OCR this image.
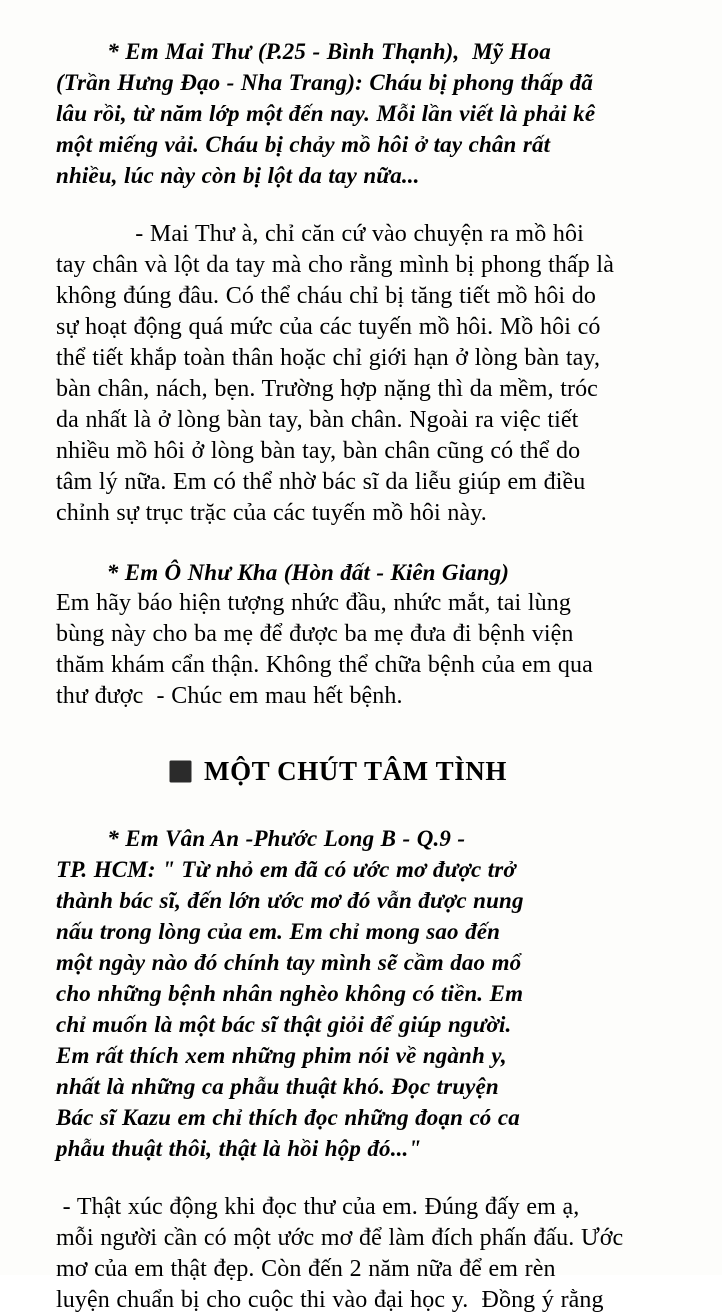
* Em Mai Thư (P.25 - Bình Thạnh),  Mỹ Hoa
(Trần Hưng Đạo - Nha Trang): Cháu bị phong thấp đã
lâu rồi, từ năm lớp một đến nay. Mỗi lần viết là phải kê
một miếng vải. Cháu bị chảy mồ hôi ở tay chân rất
nhiều, lúc này còn bị lột da tay nữa...
- Mai Thư à, chỉ căn cứ vào chuyện ra mồ hôi
tay chân và lột da tay mà cho rằng mình bị phong thấp là
không đúng đâu. Có thể cháu chỉ bị tăng tiết mồ hôi do
sự hoạt động quá mức của các tuyến mồ hôi. Mồ hôi có
thể tiết khắp toàn thân hoặc chỉ giới hạn ở lòng bàn tay,
bàn chân, nách, bẹn. Trường hợp nặng thì da mềm, tróc
da nhất là ở lòng bàn tay, bàn chân. Ngoài ra việc tiết
nhiều mồ hôi ở lòng bàn tay, bàn chân cũng có thể do
tâm lý nữa. Em có thể nhờ bác sĩ da liễu giúp em điều
chỉnh sự trục trặc của các tuyến mồ hôi này.
* Em Ô Như Kha (Hòn đất - Kiên Giang)
Em hãy báo hiện tượng nhức đầu, nhức mắt, tai lùng
bùng này cho ba mẹ để được ba mẹ đưa đi bệnh viện
thăm khám cẩn thận. Không thể chữa bệnh của em qua
thư được  - Chúc em mau hết bệnh.
MỘT CHÚT TÂM TÌNH
* Em Vân An -Phước Long B - Q.9 -
TP. HCM: " Từ nhỏ em đã có ước mơ được trở
thành bác sĩ, đến lớn ước mơ đó vẫn được nung
nấu trong lòng của em. Em chỉ mong sao đến
một ngày nào đó chính tay mình sẽ cầm dao mổ
cho những bệnh nhân nghèo không có tiền. Em
chỉ muốn là một bác sĩ thật giỏi để giúp người.
Em rất thích xem những phim nói về ngành y,
nhất là những ca phẫu thuật khó. Đọc truyện
Bác sĩ Kazu em chỉ thích đọc những đoạn có ca
phẫu thuật thôi, thật là hồi hộp đó..."
- Thật xúc động khi đọc thư của em. Đúng đấy em ạ,
mỗi người cần có một ước mơ để làm đích phấn đấu. Ước
mơ của em thật đẹp. Còn đến 2 năm nữa để em rèn
luyện chuẩn bị cho cuộc thi vào đại học y.  Đồng ý rằng
